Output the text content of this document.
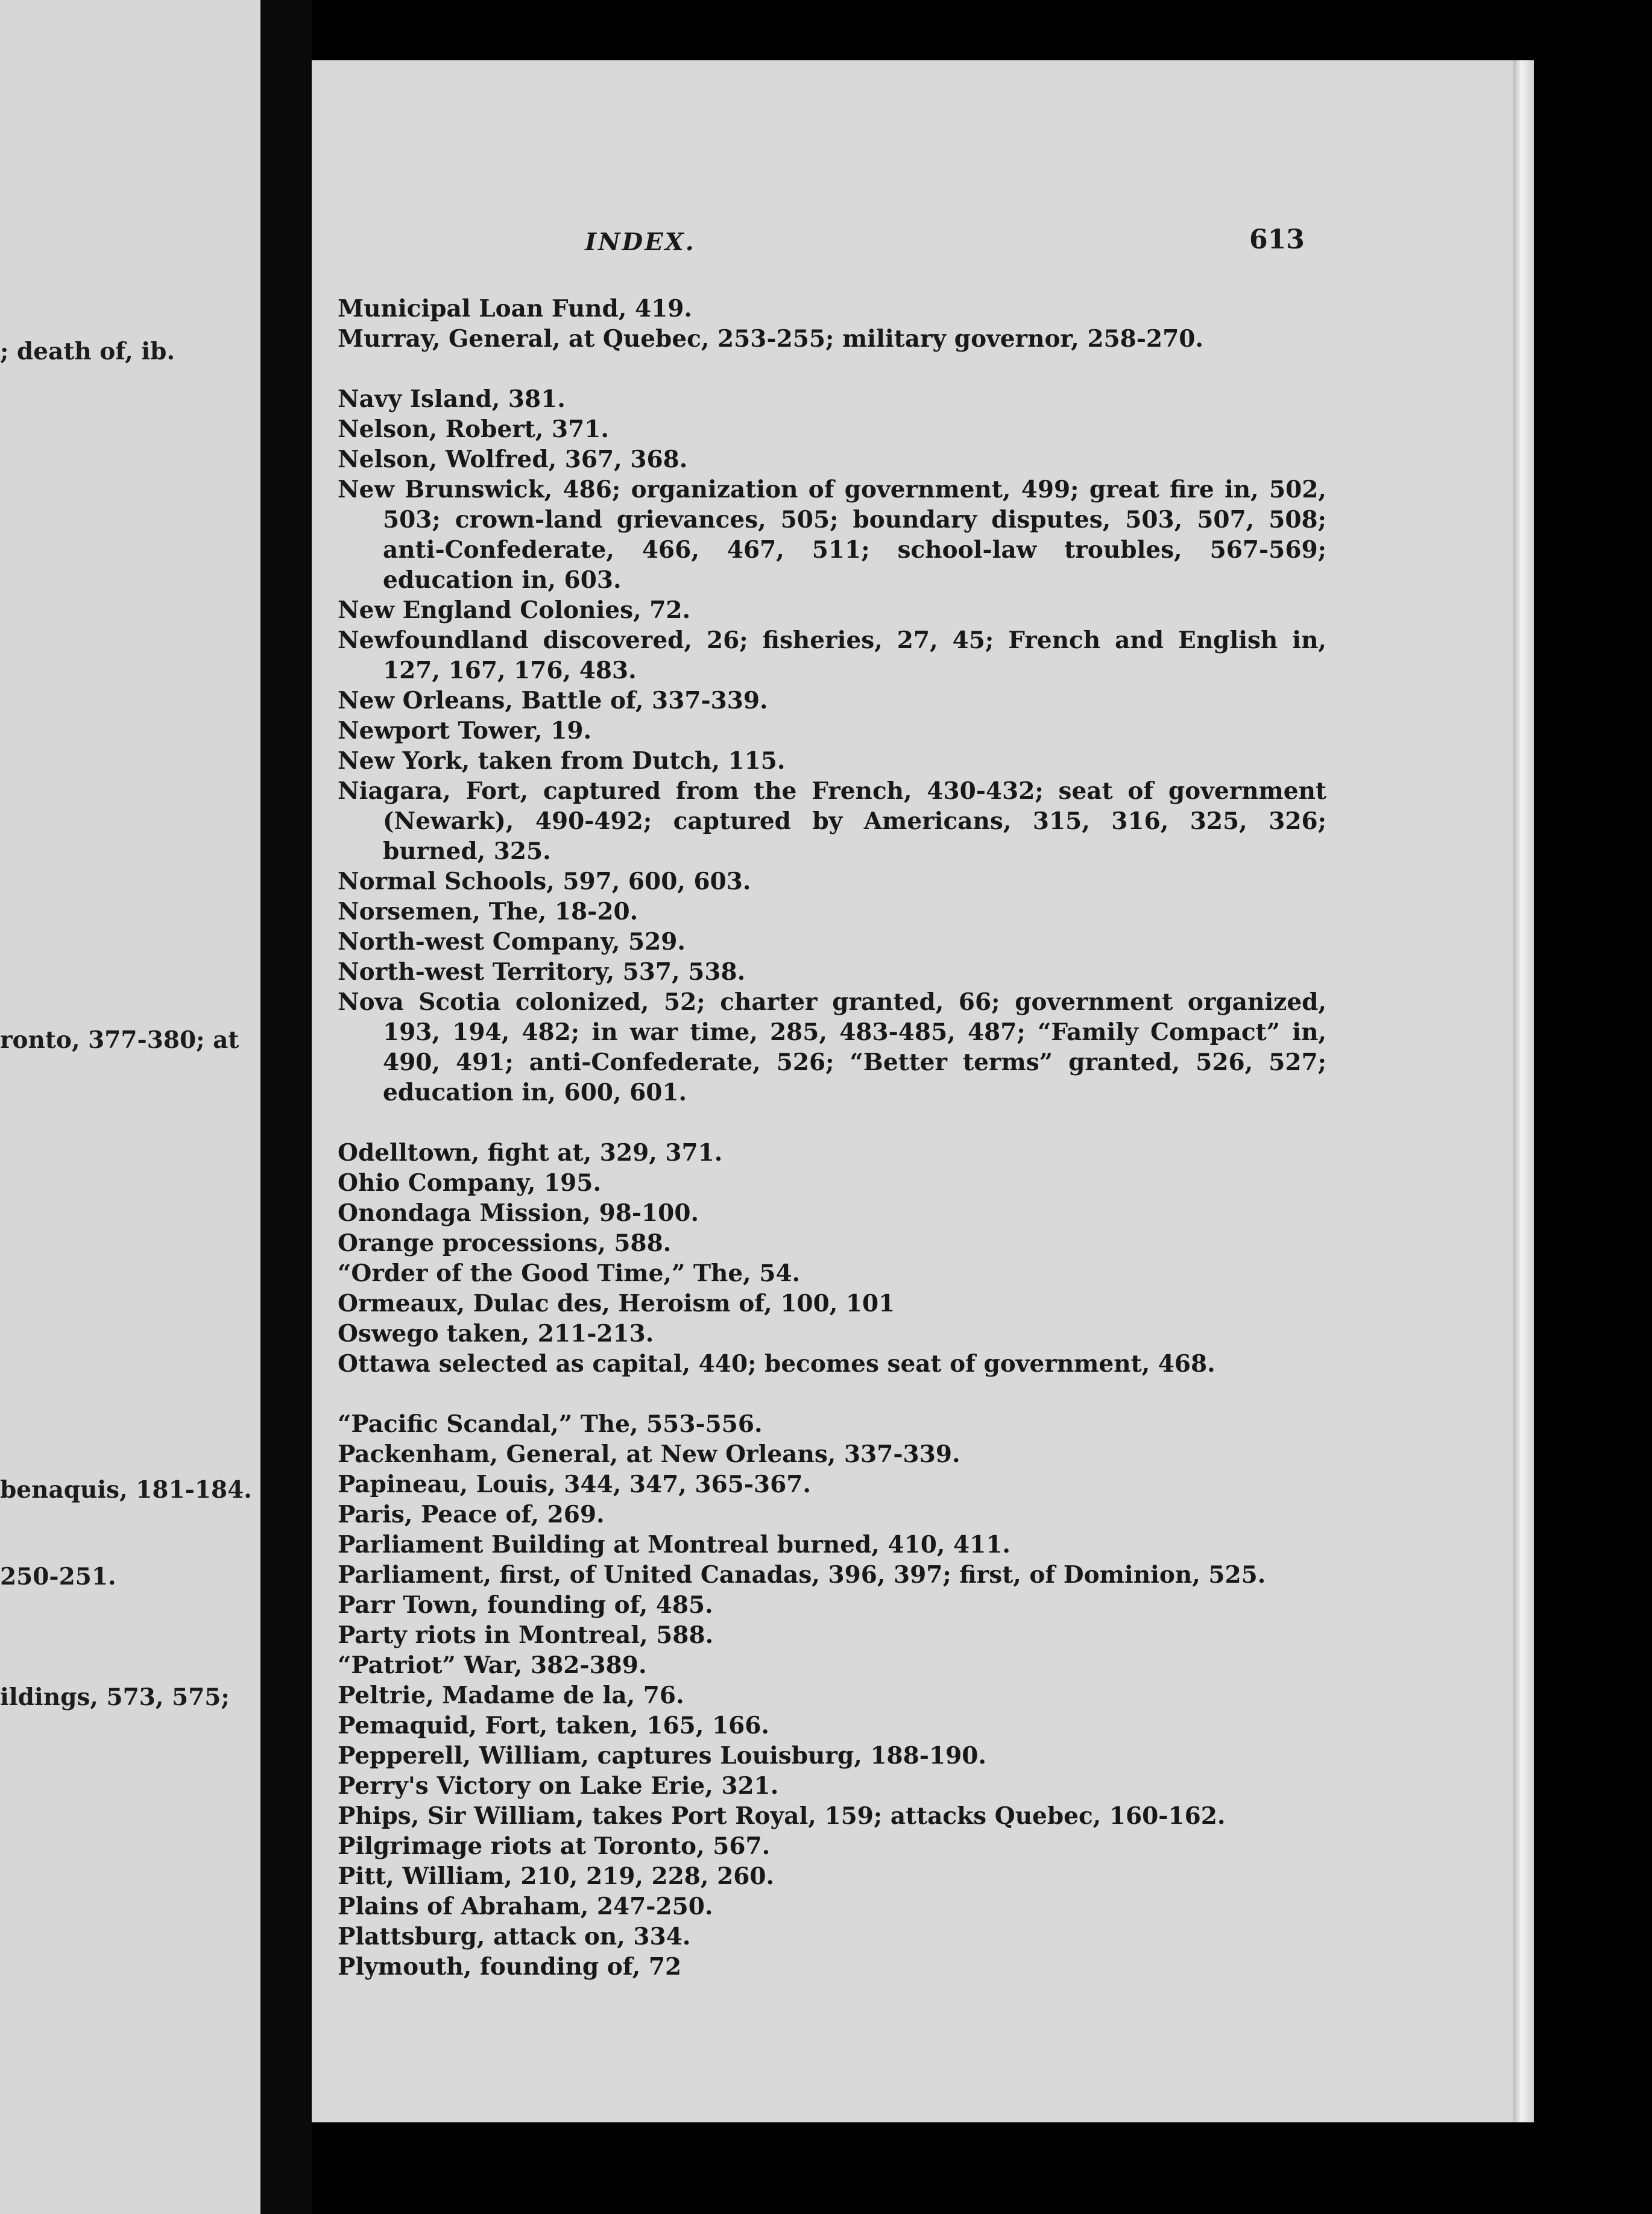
; death of, ib.
ronto, 377-380; at
benaquis, 181-184.
250-251.
ildings, 573, 575;
INDEX.	613

Municipal Loan Fund, 419.

Murray, General, at Quebec, 253-255; military governor, 258-270.

Navy Island, 381.

Nelson, Robert, 371.

Nelson, Wolfred, 367, 368.

New Brunswick, 486; organization of government, 499; great fire in, 502, 503; crown-land grievances, 505; boundary disputes, 503, 507, 508; anti-Confederate, 466, 467, 511; school-law troubles, 567-569; education in, 603.

New England Colonies, 72.

Newfoundland discovered, 26; fisheries, 27, 45; French and English in, 127, 167, 176, 483.

New Orleans, Battle of, 337-339.

Newport Tower, 19.

New York, taken from Dutch, 115.

Niagara, Fort, captured from the French, 430-432; seat of government (Newark), 490-492; captured by Americans, 315, 316, 325, 326; burned, 325.

Normal Schools, 597, 600, 603.

Norsemen, The, 18-20.

North-west Company, 529.

North-west Territory, 537, 538.

Nova Scotia colonized, 52; charter granted, 66; government organized, 193, 194, 482; in war time, 285, 483-485, 487; “Family Compact” in, 490, 491; anti-Confederate, 526; “Better terms” granted, 526, 527; education in, 600, 601.

Odelltown, fight at, 329, 371.

Ohio Company, 195.

Onondaga Mission, 98-100.

Orange processions, 588.

“Order of the Good Time,” The, 54.

Ormeaux, Dulac des, Heroism of, 100, 101

Oswego taken, 211-213.

Ottawa selected as capital, 440; becomes seat of government, 468.

“Pacific Scandal,” The, 553-556.

Packenham, General, at New Orleans, 337-339.

Papineau, Louis, 344, 347, 365-367.

Paris, Peace of, 269.

Parliament Building at Montreal burned, 410, 411.

Parliament, first, of United Canadas, 396, 397; first, of Dominion, 525.

Parr Town, founding of, 485.

Party riots in Montreal, 588.

“Patriot” War, 382-389.

Peltrie, Madame de la, 76.

Pemaquid, Fort, taken, 165, 166.

Pepperell, William, captures Louisburg, 188-190.

Perry's Victory on Lake Erie, 321.

Phips, Sir William, takes Port Royal, 159; attacks Quebec, 160-162.

Pilgrimage riots at Toronto, 567.

Pitt, William, 210, 219, 228, 260.

Plains of Abraham, 247-250.

Plattsburg, attack on, 334.

Plymouth, founding of, 72
